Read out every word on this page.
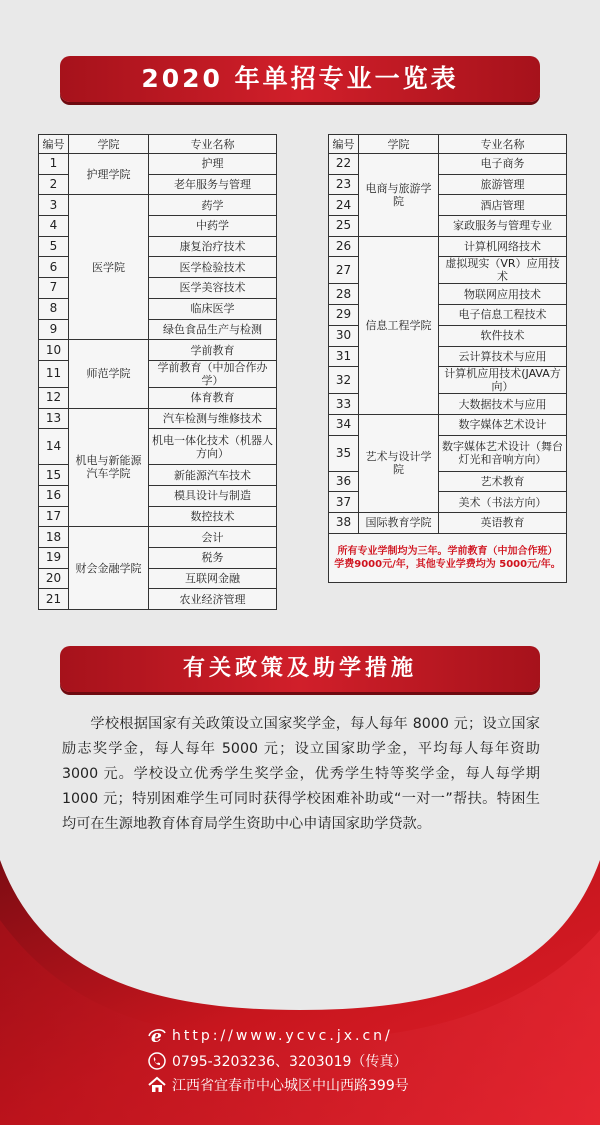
2020 年单招专业一览表
编号	学院	专业名称
1	护理学院	护理
2		老年服务与管理
3	医学院	药学
4		中药学
5		康复治疗技术
6		医学检验技术
7		医学美容技术
8		临床医学
9		绿色食品生产与检测
10	师范学院	学前教育
11		学前教育（中加合作办学）
12		体育教育
13	机电与新能源汽车学院	汽车检测与维修技术
14		机电一体化技术（机器人方向）
15		新能源汽车技术
16		模具设计与制造
17		数控技术
18	财会金融学院	会计
19		税务
20		互联网金融
21		农业经济管理
编号	学院	专业名称
22	电商与旅游学院	电子商务
23		旅游管理
24		酒店管理
25		家政服务与管理专业
26	信息工程学院	计算机网络技术
27		虚拟现实（VR）应用技术
28		物联网应用技术
29		电子信息工程技术
30		软件技术
31		云计算技术与应用
32		计算机应用技术(JAVA方向）
33		大数据技术与应用
34	艺术与设计学院	数字媒体艺术设计
35		数字媒体艺术设计（舞台灯光和音响方向）
36		艺术教育
37		美术（书法方向）
38	国际教育学院	英语教育

所有专业学制均为三年。学前教育（中加合作班）
学费9000元/年，其他专业学费均为 5000元/年。		
有关政策及助学措施

学校根据国家有关政策设立国家奖学金，每人每年 8000 元；设立国家励志奖学金，每人每年 5000 元；设立国家助学金，平均每人每年资助 3000 元。学校设立优秀学生奖学金，优秀学生特等奖学金，每人每学期 1000 元；特别困难学生可同时获得学校困难补助或“一对一”帮扶。特困生均可在生源地教育体育局学生资助中心申请国家助学贷款。

e http://www.ycvc.jx.cn/
0795-3203236、3203019（传真）
江西省宜春市中心城区中山西路399号
